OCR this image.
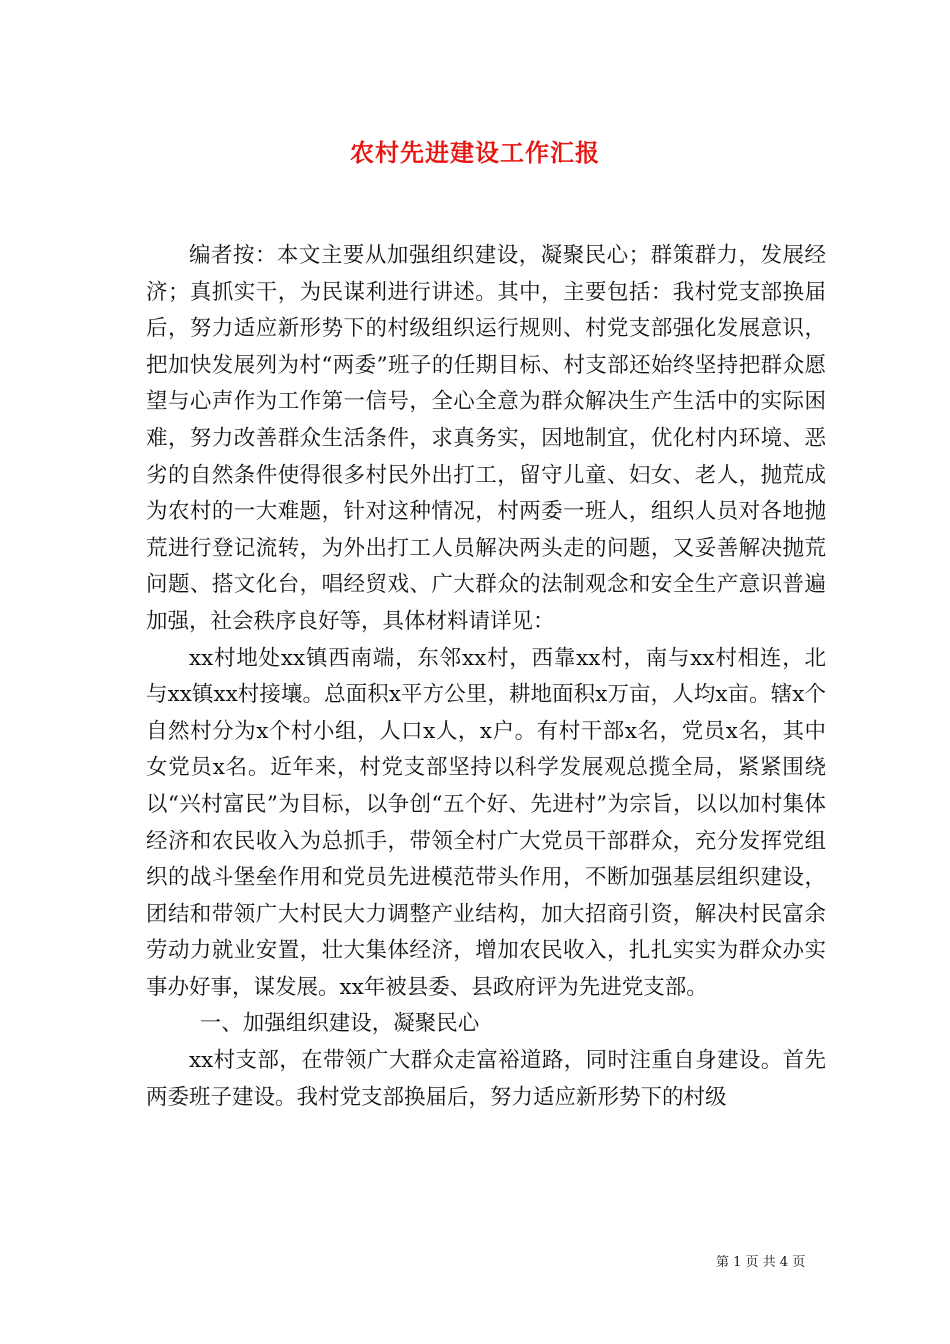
农村先进建设工作汇报

编者按：本文主要从加强组织建设，凝聚民心；群策群力，发展经济；真抓实干，为民谋利进行讲述。其中，主要包括：我村党支部换届后，努力适应新形势下的村级组织运行规则、村党支部强化发展意识，把加快发展列为村“两委”班子的任期目标、村支部还始终坚持把群众愿望与心声作为工作第一信号，全心全意为群众解决生产生活中的实际困难，努力改善群众生活条件，求真务实，因地制宜，优化村内环境、恶劣的自然条件使得很多村民外出打工，留守儿童、妇女、老人，抛荒成为农村的一大难题，针对这种情况，村两委一班人，组织人员对各地抛荒进行登记流转，为外出打工人员解决两头走的问题，又妥善解决抛荒问题、搭文化台，唱经贸戏、广大群众的法制观念和安全生产意识普遍加强，社会秩序良好等，具体材料请详见：

xx村地处xx镇西南端，东邻xx村，西靠xx村，南与xx村相连，北与xx镇xx村接壤。总面积x平方公里，耕地面积x万亩，人均x亩。辖x个自然村分为x个村小组，人口x人，x户。有村干部x名，党员x名，其中女党员x名。近年来，村党支部坚持以科学发展观总揽全局，紧紧围绕以“兴村富民”为目标，以争创“五个好、先进村”为宗旨，以以加村集体经济和农民收入为总抓手，带领全村广大党员干部群众，充分发挥党组织的战斗堡垒作用和党员先进模范带头作用，不断加强基层组织建设，团结和带领广大村民大力调整产业结构，加大招商引资，解决村民富余劳动力就业安置，壮大集体经济，增加农民收入，扎扎实实为群众办实事办好事，谋发展。xx年被县委、县政府评为先进党支部。

一、加强组织建设，凝聚民心

xx村支部，在带领广大群众走富裕道路，同时注重自身建设。首先两委班子建设。我村党支部换届后，努力适应新形势下的村级

第 1 页 共 4 页
